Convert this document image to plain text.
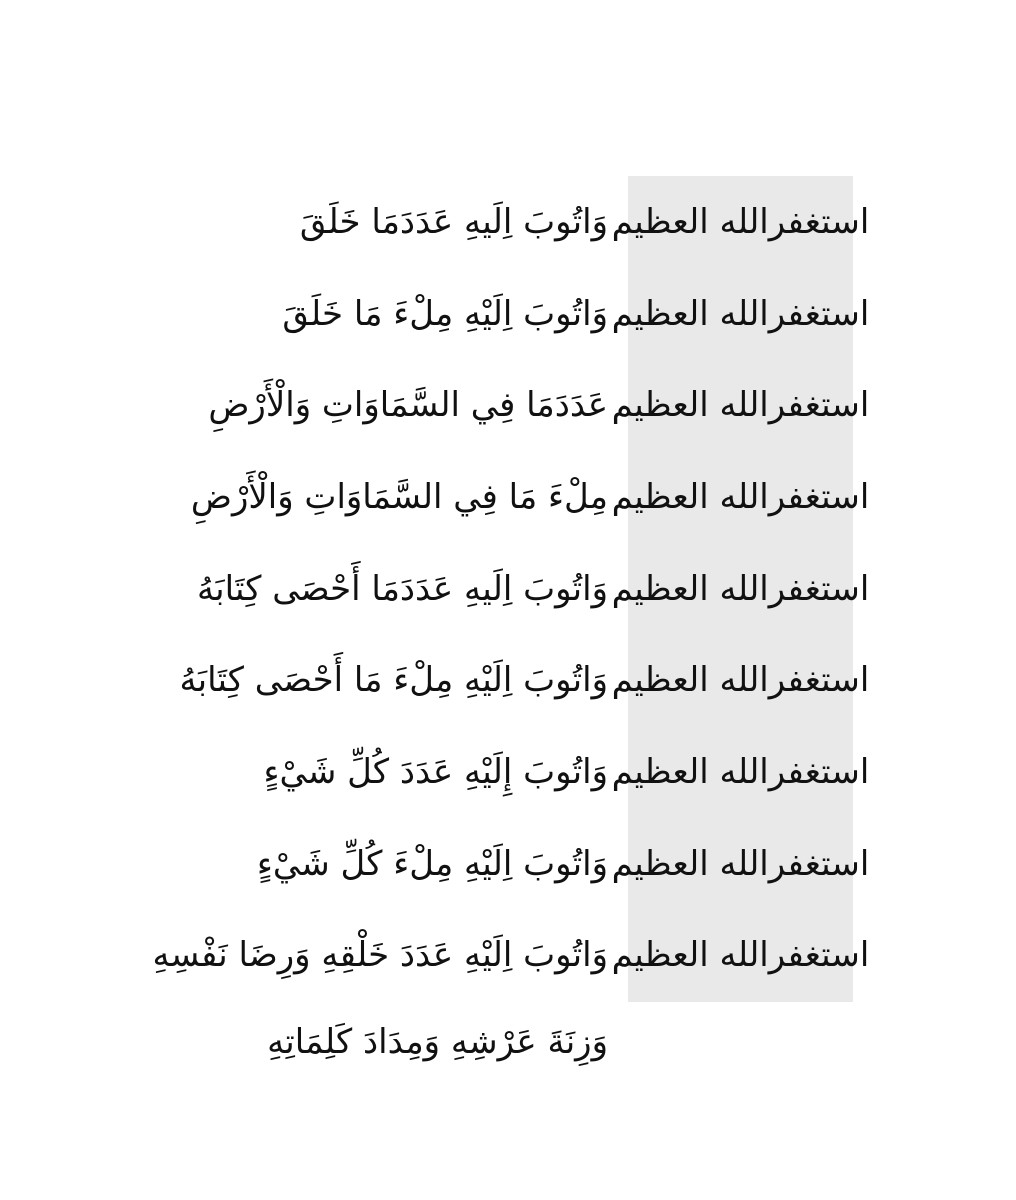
استغفرالله العظيم
وَاتُوبَ اِلَيهِ عَدَدَمَا خَلَقَ
استغفرالله العظيم
وَاتُوبَ اِلَيْهِ مِلْءَ مَا خَلَقَ
استغفرالله العظيم
عَدَدَمَا فِي السَّمَاوَاتِ وَالْأَرْضِ
استغفرالله العظيم
مِلْءَ مَا فِي السَّمَاوَاتِ وَالْأَرْضِ
استغفرالله العظيم
وَاتُوبَ اِلَيهِ عَدَدَمَا أَحْصَى كِتَابَهُ
استغفرالله العظيم
وَاتُوبَ اِلَيْهِ مِلْءَ مَا أَحْصَى كِتَابَهُ
استغفرالله العظيم
وَاتُوبَ إِلَيْهِ عَدَدَ كُلِّ شَيْءٍ
استغفرالله العظيم
وَاتُوبَ اِلَيْهِ مِلْءَ كُلِّ شَيْءٍ
استغفرالله العظيم
وَاتُوبَ اِلَيْهِ عَدَدَ خَلْقِهِ وَرِضَا نَفْسِهِ
وَزِنَةَ عَرْشِهِ وَمِدَادَ كَلِمَاتِهِ
